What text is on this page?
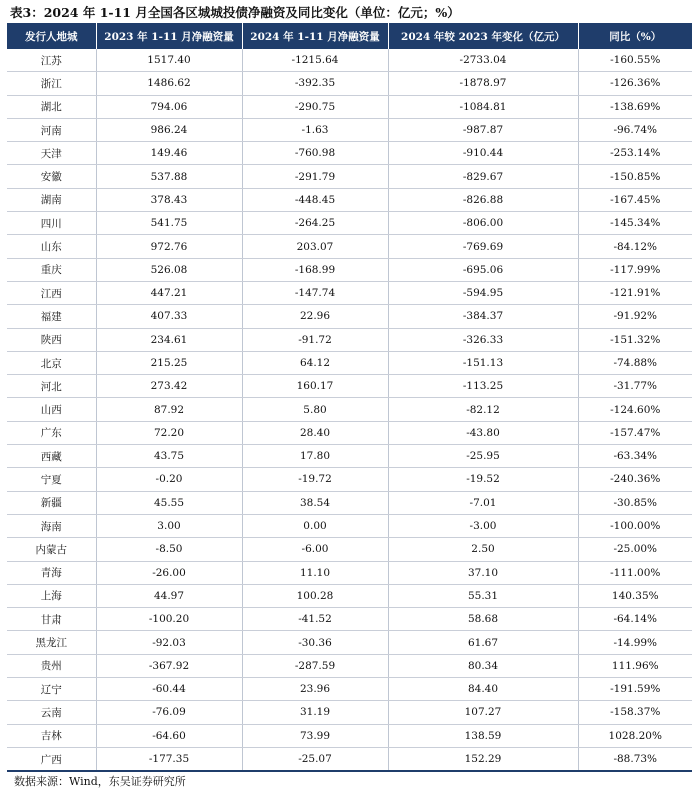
表3：2024 年 1-11 月全国各区城城投债净融资及同比变化（单位：亿元；%）
发行人地城	2023 年 1-11 月净融资量	2024 年 1-11 月净融资量	2024 年较 2023 年变化（亿元）	同比（%）
江苏	1517.40	-1215.64	-2733.04	-160.55%
浙江	1486.62	-392.35	-1878.97	-126.36%
湖北	794.06	-290.75	-1084.81	-138.69%
河南	986.24	-1.63	-987.87	-96.74%
天津	149.46	-760.98	-910.44	-253.14%
安徽	537.88	-291.79	-829.67	-150.85%
湖南	378.43	-448.45	-826.88	-167.45%
四川	541.75	-264.25	-806.00	-145.34%
山东	972.76	203.07	-769.69	-84.12%
重庆	526.08	-168.99	-695.06	-117.99%
江西	447.21	-147.74	-594.95	-121.91%
福建	407.33	22.96	-384.37	-91.92%
陕西	234.61	-91.72	-326.33	-151.32%
北京	215.25	64.12	-151.13	-74.88%
河北	273.42	160.17	-113.25	-31.77%
山西	87.92	5.80	-82.12	-124.60%
广东	72.20	28.40	-43.80	-157.47%
西藏	43.75	17.80	-25.95	-63.34%
宁夏	-0.20	-19.72	-19.52	-240.36%
新疆	45.55	38.54	-7.01	-30.85%
海南	3.00	0.00	-3.00	-100.00%
内蒙古	-8.50	-6.00	2.50	-25.00%
青海	-26.00	11.10	37.10	-111.00%
上海	44.97	100.28	55.31	140.35%
甘肃	-100.20	-41.52	58.68	-64.14%
黑龙江	-92.03	-30.36	61.67	-14.99%
贵州	-367.92	-287.59	80.34	111.96%
辽宁	-60.44	23.96	84.40	-191.59%
云南	-76.09	31.19	107.27	-158.37%
吉林	-64.60	73.99	138.59	1028.20%
广西	-177.35	-25.07	152.29	-88.73%
数据来源：Wind，东吴证券研究所
